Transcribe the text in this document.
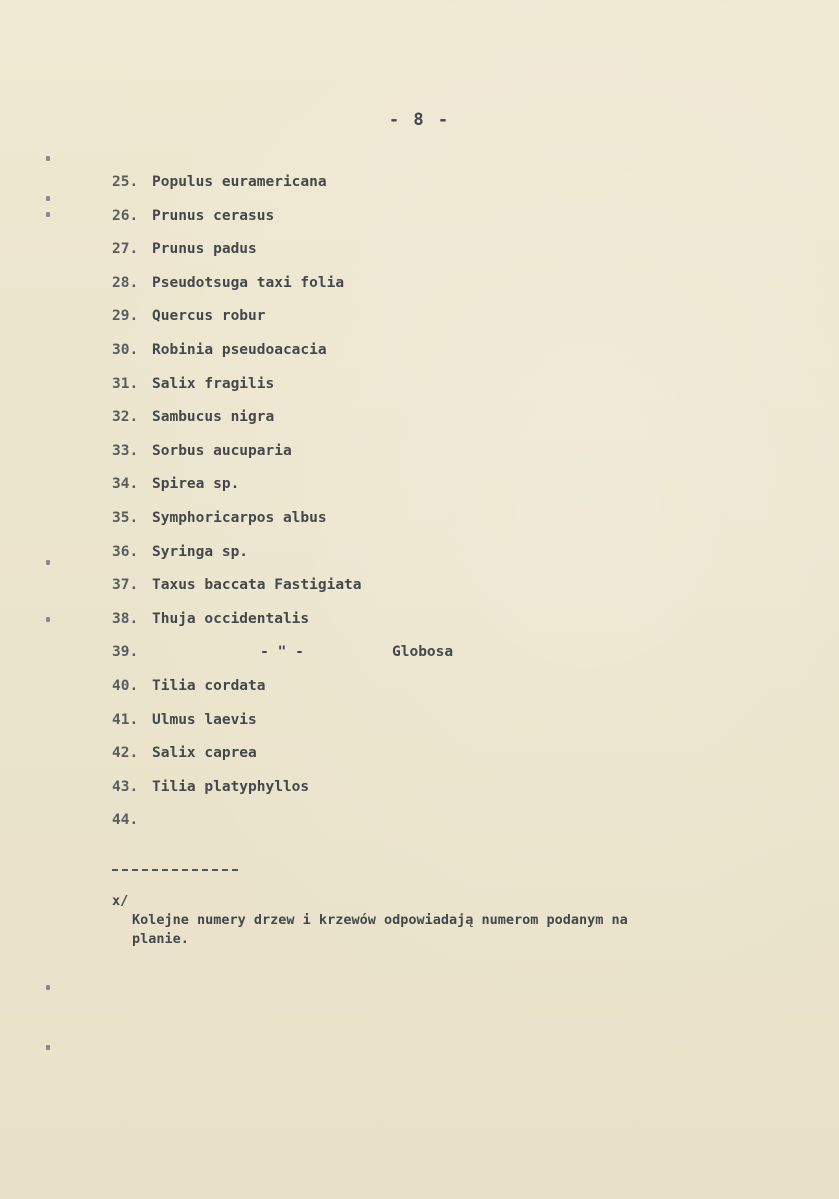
- 8 -
25. Populus euramericana
26. Prunus cerasus
27. Prunus padus
28. Pseudotsuga taxi folia
29. Quercus robur
30. Robinia pseudoacacia
31. Salix fragilis
32. Sambucus nigra
33. Sorbus aucuparia
34. Spirea sp.
35. Symphoricarpos albus
36. Syringa sp.
37. Taxus baccata Fastigiata
38. Thuja occidentalis
39.	- " -	Globosa
40. Tilia cordata
41. Ulmus laevis
42. Salix caprea
43. Tilia platyphyllos
44.
x/

Kolejne numery drzew i krzewów odpowiadają numerom podanym na planie.
